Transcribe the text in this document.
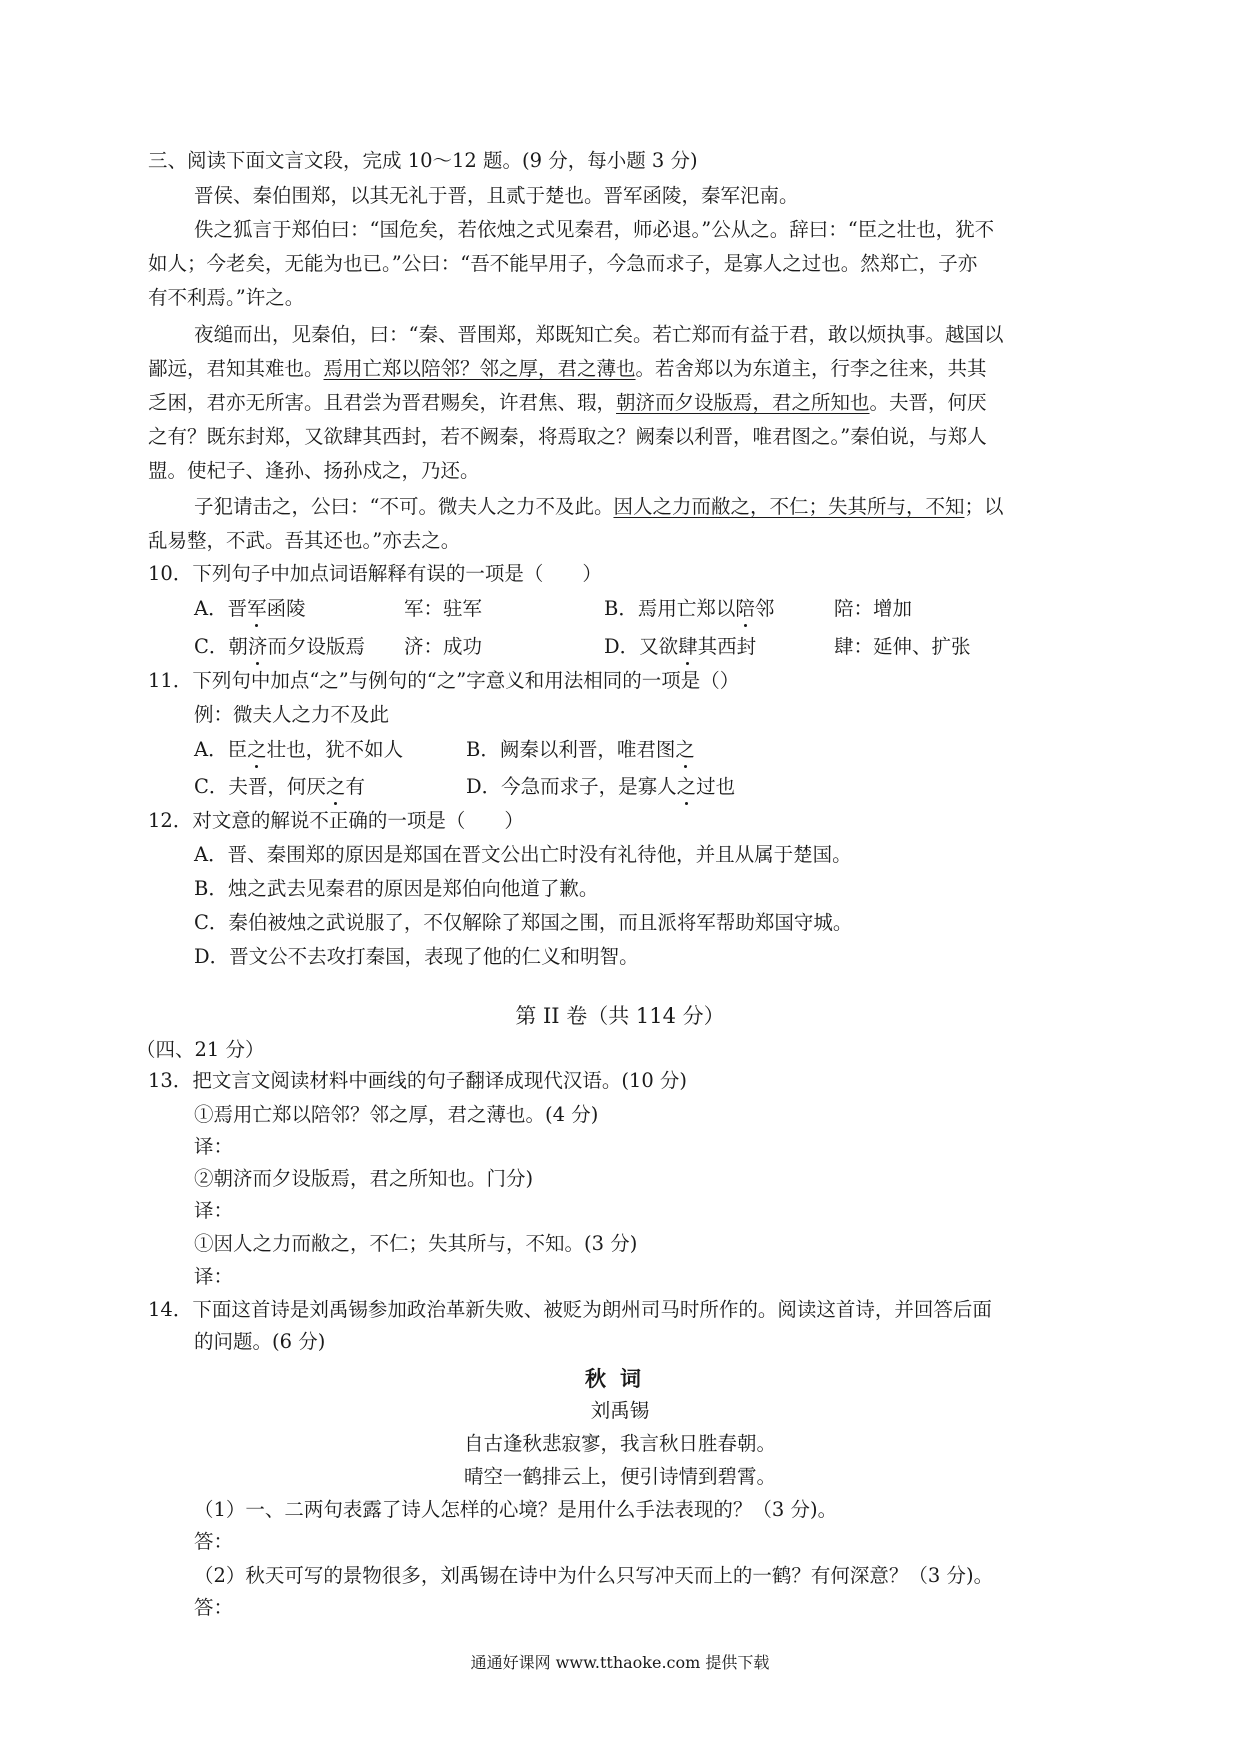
三、阅读下面文言文段，完成 10～12 题。(9 分，每小题 3 分)
晋侯、秦伯围郑，以其无礼于晋，且贰于楚也。晋军函陵，秦军汜南。
佚之狐言于郑伯曰：“国危矣，若依烛之式见秦君，师必退。”公从之。辞曰：“臣之壮也，犹不
如人；今老矣，无能为也已。”公曰：“吾不能早用子，今急而求子，是寡人之过也。然郑亡，子亦
有不利焉。”许之。
夜缒而出，见秦伯，曰：“秦、晋围郑，郑既知亡矣。若亡郑而有益于君，敢以烦执事。越国以
鄙远，君知其难也。焉用亡郑以陪邻？邻之厚，君之薄也。若舍郑以为东道主，行李之往来，共其
乏困，君亦无所害。且君尝为晋君赐矣，许君焦、瑕，朝济而夕设版焉，君之所知也。夫晋，何厌
之有？既东封郑，又欲肆其西封，若不阙秦，将焉取之？阙秦以利晋，唯君图之。”秦伯说，与郑人
盟。使杞子、逢孙、扬孙戍之，乃还。
子犯请击之，公曰：“不可。微夫人之力不及此。因人之力而敝之，不仁；失其所与，不知；以
乱易整，不武。吾其还也。”亦去之。
10．下列句子中加点词语解释有误的一项是（　　）
A．晋军函陵	军：驻军	B．焉用亡郑以陪邻	陪：增加
C．朝济而夕设版焉 济：成功	D．又欲肆其西封	肆：延伸、扩张
11．下列句中加点“之”与例句的“之”字意义和用法相同的一项是（）
例：微夫人之力不及此
A．臣之壮也，犹不如人	B．阙秦以利晋，唯君图之
C．夫晋，何厌之有	D．今急而求子，是寡人之过也
12．对文意的解说不正确的一项是（　　）
A．晋、秦围郑的原因是郑国在晋文公出亡时没有礼待他，并且从属于楚国。
B．烛之武去见秦君的原因是郑伯向他道了歉。
C．秦伯被烛之武说服了，不仅解除了郑国之围，而且派将军帮助郑国守城。
D．晋文公不去攻打秦国，表现了他的仁义和明智。
第 II 卷（共 114 分）
（四、21 分）
13．把文言文阅读材料中画线的句子翻译成现代汉语。(10 分)
①焉用亡郑以陪邻？邻之厚，君之薄也。(4 分)
译：
②朝济而夕设版焉，君之所知也。门分)
译：
①因人之力而敝之，不仁；失其所与，不知。(3 分)
译：
14．下面这首诗是刘禹锡参加政治革新失败、被贬为朗州司马时所作的。阅读这首诗，并回答后面
的问题。(6 分)
秋词
刘禹锡
自古逢秋悲寂寥，我言秋日胜春朝。
晴空一鹤排云上，便引诗情到碧霄。
（1）一、二两句表露了诗人怎样的心境？是用什么手法表现的？（3 分)。
答：
（2）秋天可写的景物很多，刘禹锡在诗中为什么只写冲天而上的一鹤？有何深意？（3 分)。
答：
通通好课网 www.tthaoke.com 提供下载
